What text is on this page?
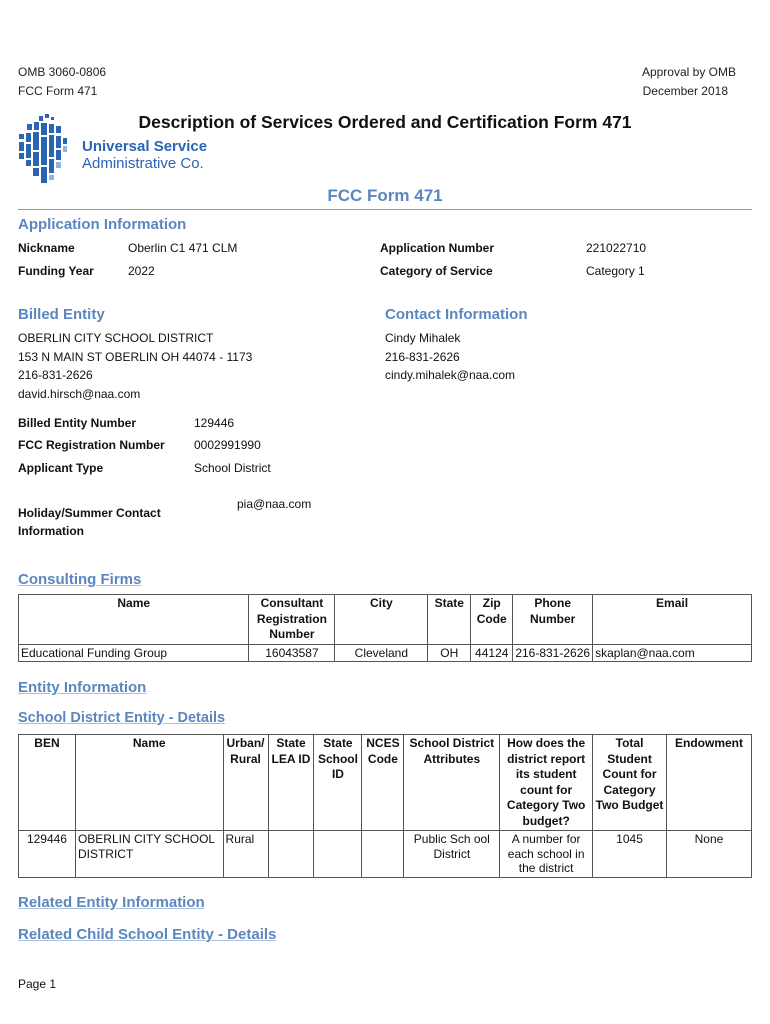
OMB 3060-0806
FCC Form 471
Approval by OMB
December 2018
Universal Service
Administrative Co.
Description of Services Ordered and Certification Form 471
FCC Form 471
Application Information
Nickname	Oberlin C1 471 CLM	Application Number	221022710
Funding Year	2022	Category of Service	Category 1
Billed Entity
OBERLIN CITY SCHOOL DISTRICT
153 N MAIN ST OBERLIN OH 44074 - 1173
216-831-2626
david.hirsch@naa.com
Contact Information
Cindy Mihalek
216-831-2626
cindy.mihalek@naa.com
Billed Entity Number	129446
FCC Registration Number 0002991990
Applicant Type	School District
Holiday/Summer Contact
Information
pia@naa.com
Consulting Firms
Name	Consultant Registration Number	City	State	Zip Code	Phone Number	Email
Educational Funding Group	16043587	Cleveland	OH	44124	216-831-2626	skaplan@naa.com
Entity Information
School District Entity - Details
BEN	Name	Urban/ Rural	State LEA ID	State School ID	NCES Code	School District Attributes	How does the district report its student count for Category Two budget?	Total Student Count for Category Two Budget	Endowment
129446	OBERLIN CITY SCHOOL DISTRICT	Rural				Public Sch ool District	A number for each school in the district	1045	None
Related Entity Information
Related Child School Entity - Details
Page 1
